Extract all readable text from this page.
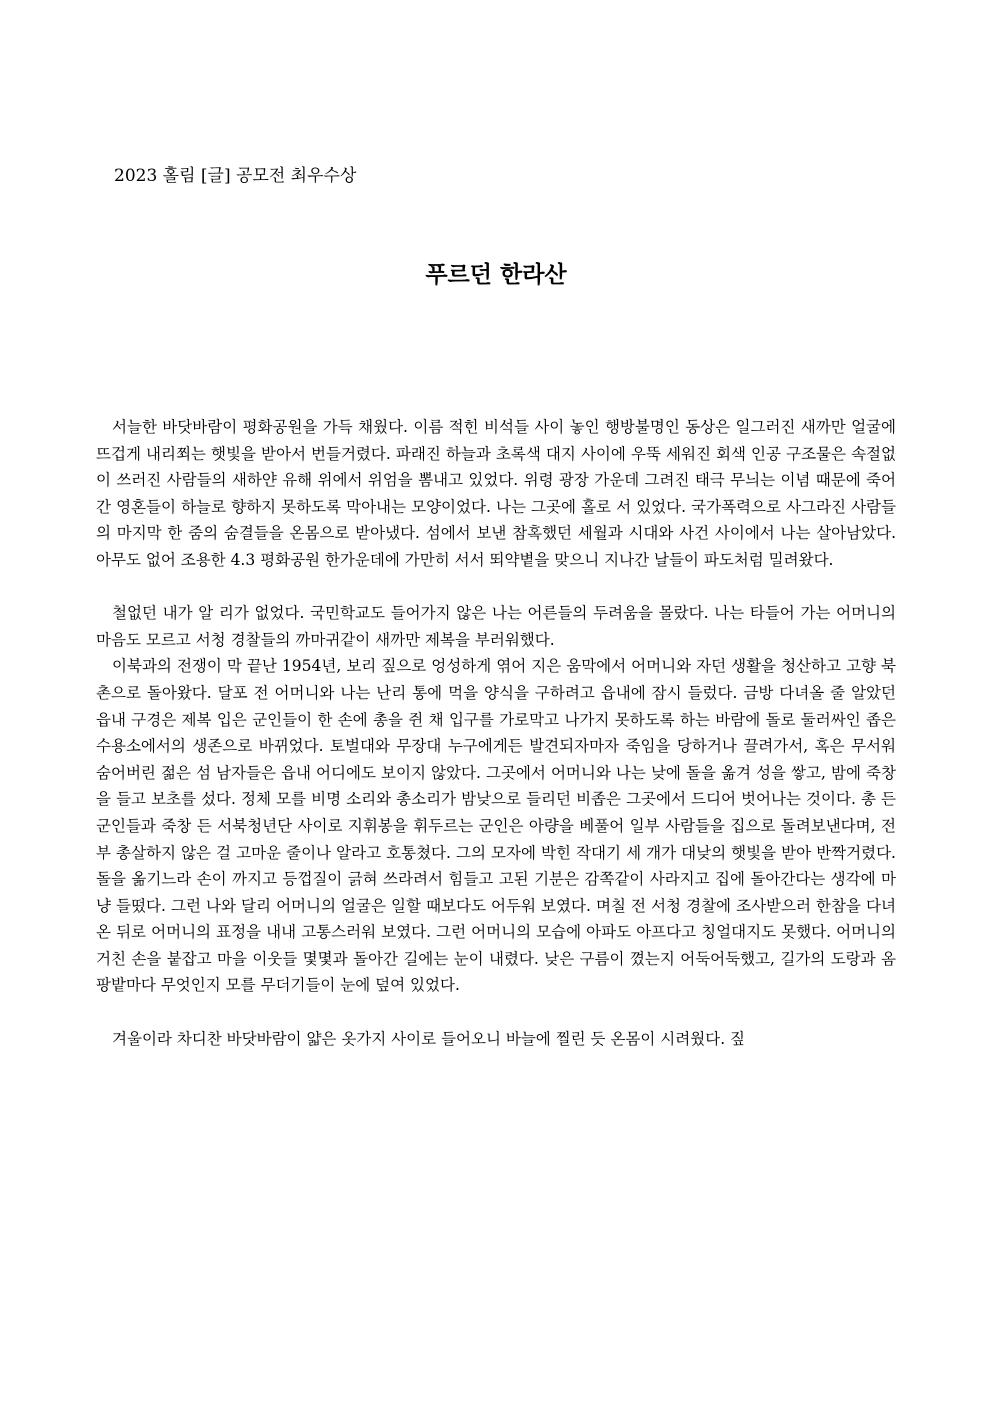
2023 홀림 [글] 공모전 최우수상
푸르던 한라산

서늘한 바닷바람이 평화공원을 가득 채웠다. 이름 적힌 비석들 사이 놓인 행방불명인 동상은 일그러진 새까만 얼굴에 뜨겁게 내리쬐는 햇빛을 받아서 번들거렸다. 파래진 하늘과 초록색 대지 사이에 우뚝 세워진 회색 인공 구조물은 속절없이 쓰러진 사람들의 새하얀 유해 위에서 위엄을 뽐내고 있었다. 위령 광장 가운데 그려진 태극 무늬는 이념 때문에 죽어간 영혼들이 하늘로 향하지 못하도록 막아내는 모양이었다. 나는 그곳에 홀로 서 있었다. 국가폭력으로 사그라진 사람들의 마지막 한 줌의 숨결들을 온몸으로 받아냈다. 섬에서 보낸 참혹했던 세월과 시대와 사건 사이에서 나는 살아남았다. 아무도 없어 조용한 4.3 평화공원 한가운데에 가만히 서서 뙤약볕을 맞으니 지나간 날들이 파도처럼 밀려왔다.

철없던 내가 알 리가 없었다. 국민학교도 들어가지 않은 나는 어른들의 두려움을 몰랐다. 나는 타들어 가는 어머니의 마음도 모르고 서청 경찰들의 까마귀같이 새까만 제복을 부러워했다.

이북과의 전쟁이 막 끝난 1954년, 보리 짚으로 엉성하게 엮어 지은 움막에서 어머니와 자던 생활을 청산하고 고향 북촌으로 돌아왔다. 달포 전 어머니와 나는 난리 통에 먹을 양식을 구하려고 읍내에 잠시 들렀다. 금방 다녀올 줄 알았던 읍내 구경은 제복 입은 군인들이 한 손에 총을 쥔 채 입구를 가로막고 나가지 못하도록 하는 바람에 돌로 둘러싸인 좁은 수용소에서의 생존으로 바뀌었다. 토벌대와 무장대 누구에게든 발견되자마자 죽임을 당하거나 끌려가서, 혹은 무서워 숨어버린 젊은 섬 남자들은 읍내 어디에도 보이지 않았다. 그곳에서 어머니와 나는 낮에 돌을 옮겨 성을 쌓고, 밤에 죽창을 들고 보초를 섰다. 정체 모를 비명 소리와 총소리가 밤낮으로 들리던 비좁은 그곳에서 드디어 벗어나는 것이다. 총 든 군인들과 죽창 든 서북청년단 사이로 지휘봉을 휘두르는 군인은 아량을 베풀어 일부 사람들을 집으로 돌려보낸다며, 전부 총살하지 않은 걸 고마운 줄이나 알라고 호통쳤다. 그의 모자에 박힌 작대기 세 개가 대낮의 햇빛을 받아 반짝거렸다. 돌을 옮기느라 손이 까지고 등껍질이 긁혀 쓰라려서 힘들고 고된 기분은 감쪽같이 사라지고 집에 돌아간다는 생각에 마냥 들떴다. 그런 나와 달리 어머니의 얼굴은 일할 때보다도 어두워 보였다. 며칠 전 서청 경찰에 조사받으러 한참을 다녀온 뒤로 어머니의 표정을 내내 고통스러워 보였다. 그런 어머니의 모습에 아파도 아프다고 칭얼대지도 못했다. 어머니의 거친 손을 붙잡고 마을 이웃들 몇몇과 돌아간 길에는 눈이 내렸다. 낮은 구름이 꼈는지 어둑어둑했고, 길가의 도랑과 옴팡밭마다 무엇인지 모를 무더기들이 눈에 덮여 있었다.

겨울이라 차디찬 바닷바람이 얇은 옷가지 사이로 들어오니 바늘에 찔린 듯 온몸이 시려웠다. 짚
